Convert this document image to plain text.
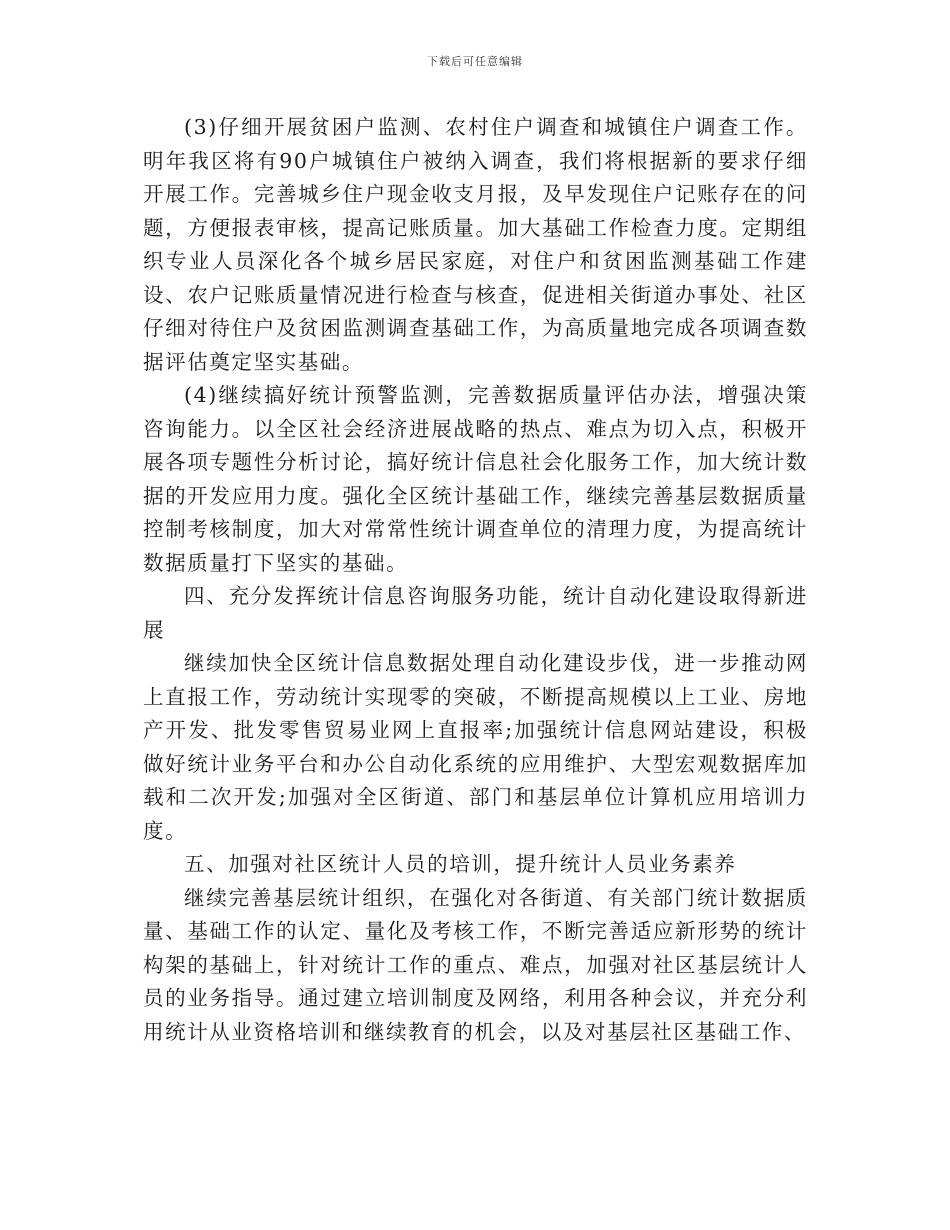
下载后可任意编辑

(3)仔细开展贫困户监测、农村住户调查和城镇住户调查工作。明年我区将有90户城镇住户被纳入调查，我们将根据新的要求仔细开展工作。完善城乡住户现金收支月报，及早发现住户记账存在的问题，方便报表审核，提高记账质量。加大基础工作检查力度。定期组织专业人员深化各个城乡居民家庭，对住户和贫困监测基础工作建设、农户记账质量情况进行检查与核查，促进相关街道办事处、社区仔细对待住户及贫困监测调查基础工作，为高质量地完成各项调查数据评估奠定坚实基础。

(4)继续搞好统计预警监测，完善数据质量评估办法，增强决策咨询能力。以全区社会经济进展战略的热点、难点为切入点，积极开展各项专题性分析讨论，搞好统计信息社会化服务工作，加大统计数据的开发应用力度。强化全区统计基础工作，继续完善基层数据质量控制考核制度，加大对常常性统计调查单位的清理力度，为提高统计数据质量打下坚实的基础。

四、充分发挥统计信息咨询服务功能，统计自动化建设取得新进展

继续加快全区统计信息数据处理自动化建设步伐，进一步推动网上直报工作，劳动统计实现零的突破，不断提高规模以上工业、房地产开发、批发零售贸易业网上直报率;加强统计信息网站建设，积极做好统计业务平台和办公自动化系统的应用维护、大型宏观数据库加载和二次开发;加强对全区街道、部门和基层单位计算机应用培训力度。

五、加强对社区统计人员的培训，提升统计人员业务素养

继续完善基层统计组织，在强化对各街道、有关部门统计数据质量、基础工作的认定、量化及考核工作，不断完善适应新形势的统计构架的基础上，针对统计工作的重点、难点，加强对社区基层统计人员的业务指导。通过建立培训制度及网络，利用各种会议，并充分利用统计从业资格培训和继续教育的机会，以及对基层社区基础工作、
